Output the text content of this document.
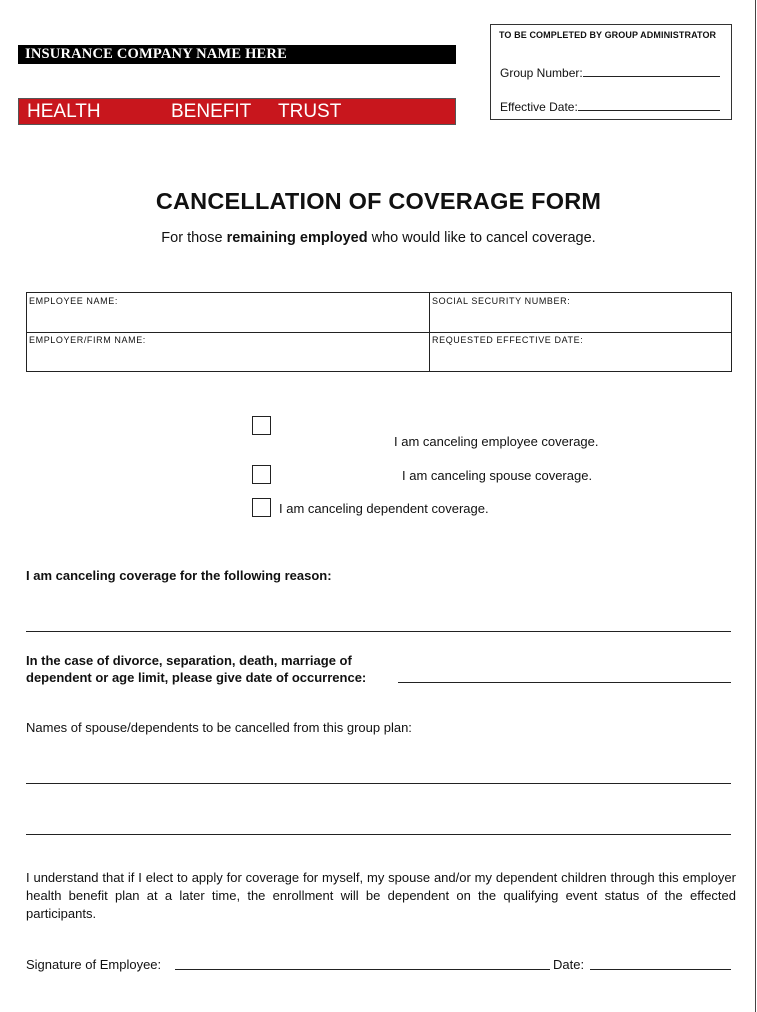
INSURANCE COMPANY NAME HERE
HEALTH	BENEFIT TRUST
TO BE COMPLETED BY GROUP ADMINISTRATOR
Group Number:
Effective Date:
CANCELLATION OF COVERAGE FORM
For those remaining employed who would like to cancel coverage.
EMPLOYEE NAME:	SOCIAL SECURITY NUMBER:
EMPLOYER/FIRM NAME:	REQUESTED EFFECTIVE DATE:
I am canceling employee coverage.
I am canceling spouse coverage.
I am canceling dependent coverage.
I am canceling coverage for the following reason:
In the case of divorce, separation, death, marriage of
dependent or age limit, please give date of occurrence:
Names of spouse/dependents to be cancelled from this group plan:
I understand that if I elect to apply for coverage for myself, my spouse and/or my dependent children through this employer health benefit plan at a later time, the enrollment will be dependent on the qualifying event status of the effected participants.
Signature of Employee:	Date:
